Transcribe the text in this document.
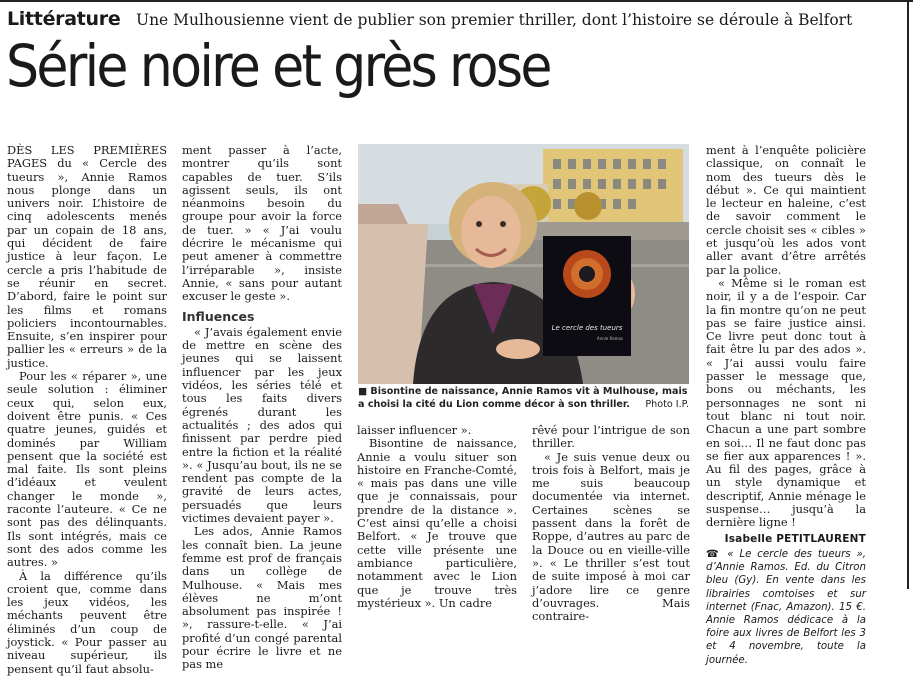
Littérature Une Mulhousienne vient de publier son premier thriller, dont l’histoire se déroule à Belfort
Série noire et grès rose

DÈS LES PREMIÈRES PAGES du « Cercle des tueurs », Annie Ramos nous plonge dans un univers noir. L’histoire de cinq adolescents menés par un copain de 18 ans, qui décident de faire justice à leur façon. Le cercle a pris l’habitude de se réunir en secret. D’abord, faire le point sur les films et romans policiers incontournables. Ensuite, s’en inspirer pour pallier les « erreurs » de la justice.

Pour les « réparer », une seule solution : éliminer ceux qui, selon eux, doivent être punis. « Ces quatre jeunes, guidés et dominés par William pensent que la société est mal faite. Ils sont pleins d’idéaux et veulent changer le monde », raconte l’auteure. « Ce ne sont pas des délinquants. Ils sont intégrés, mais ce sont des ados comme les autres. »

À la différence qu’ils croient que, comme dans les jeux vidéos, les méchants peuvent être éliminés d’un coup de joystick. « Pour passer au niveau supérieur, ils pensent qu’il faut absolu-

ment passer à l’acte, montrer qu’ils sont capables de tuer. S’ils agissent seuls, ils ont néanmoins besoin du groupe pour avoir la force de tuer. » « J’ai voulu décrire le mécanisme qui peut amener à commettre l’irréparable », insiste Annie, « sans pour autant excuser le geste ».

Influences

« J’avais également envie de mettre en scène des jeunes qui se laissent influencer par les jeux vidéos, les séries télé et tous les faits divers égrenés durant les actualités ; des ados qui finissent par perdre pied entre la fiction et la réalité ». « Jusqu’au bout, ils ne se rendent pas compte de la gravité de leurs actes, persuadés que leurs victimes devaient payer ».

Les ados, Annie Ramos les connaît bien. La jeune femme est prof de français dans un collège de Mulhouse. « Mais mes élèves ne m’ont absolument pas inspirée ! », rassure-t-elle. « J’ai profité d’un congé parental pour écrire le livre et ne pas me

Le cercle des tueurs
Annie Ramos
■ Bisontine de naissance, Annie Ramos vit à Mulhouse, mais a choisi la cité du Lion comme décor à son thriller. Photo I.P.

laisser influencer ».

Bisontine de naissance, Annie a voulu situer son histoire en Franche-Comté, « mais pas dans une ville que je connaissais, pour prendre de la distance ». C’est ainsi qu’elle a choisi Belfort. « Je trouve que cette ville présente une ambiance particulière, notamment avec le Lion que je trouve très mystérieux ». Un cadre

rêvé pour l’intrigue de son thriller.

« Je suis venue deux ou trois fois à Belfort, mais je me suis beaucoup documentée via internet. Certaines scènes se passent dans la forêt de Roppe, d’autres au parc de la Douce ou en vieille-ville ». « Le thriller s’est tout de suite imposé à moi car j’adore lire ce genre d’ouvrages. Mais contraire-

ment à l’enquête policière classique, on connaît le nom des tueurs dès le début ». Ce qui maintient le lecteur en haleine, c’est de savoir comment le cercle choisit ses « cibles » et jusqu’où les ados vont aller avant d’être arrêtés par la police.

« Même si le roman est noir, il y a de l’espoir. Car la fin montre qu’on ne peut pas se faire justice ainsi. Ce livre peut donc tout à fait être lu par des ados ». « J’ai aussi voulu faire passer le message que, bons ou méchants, les personnages ne sont ni tout blanc ni tout noir. Chacun a une part sombre en soi… Il ne faut donc pas se fier aux apparences ! ». Au fil des pages, grâce à un style dynamique et descriptif, Annie ménage le suspense… jusqu’à la dernière ligne !

Isabelle PETITLAURENT
☎ « Le cercle des tueurs », d’Annie Ramos. Ed. du Citron bleu (Gy). En vente dans les librairies comtoises et sur internet (Fnac, Amazon). 15 €. Annie Ramos dédicace à la foire aux livres de Belfort les 3 et 4 novembre, toute la journée.
